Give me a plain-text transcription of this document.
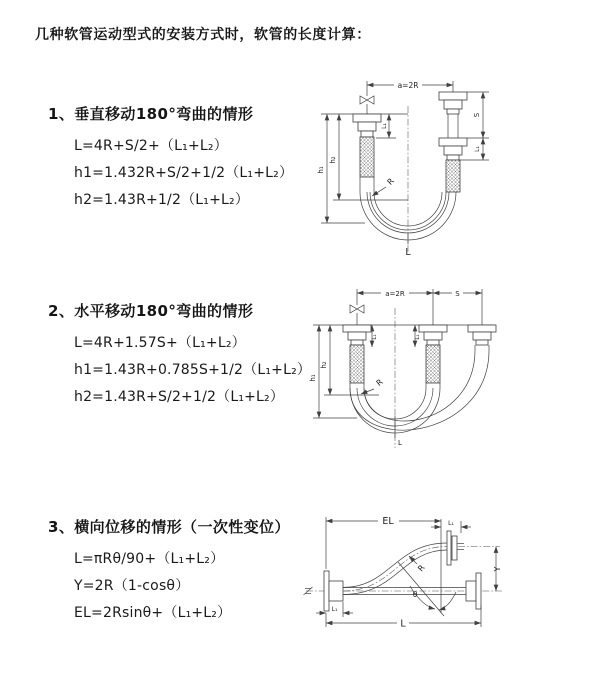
几种软管运动型式的安装方式时，软管的长度计算：
1、垂直移动180°弯曲的情形
L=4R+S/2+（L₁+L₂）
h1=1.432R+S/2+1/2（L₁+L₂）
h2=1.43R+1/2（L₁+L₂）
2、水平移动180°弯曲的情形
L=4R+1.57S+（L₁+L₂）
h1=1.43R+0.785S+1/2（L₁+L₂）
h2=1.43R+S/2+1/2（L₁+L₂）
3、横向位移的情形（一次性变位）
L=πRθ/90+（L₁+L₂）
Y=2R（1-cosθ）
EL=2Rsinθ+（L₁+L₂）
a=2R
L₁
S
L₁
h₁
h₂
R
L
a=2R	S
L₁	L₁
h₁
h₂
R
L
EL	L₁
Y
L
L₁
R
θ
